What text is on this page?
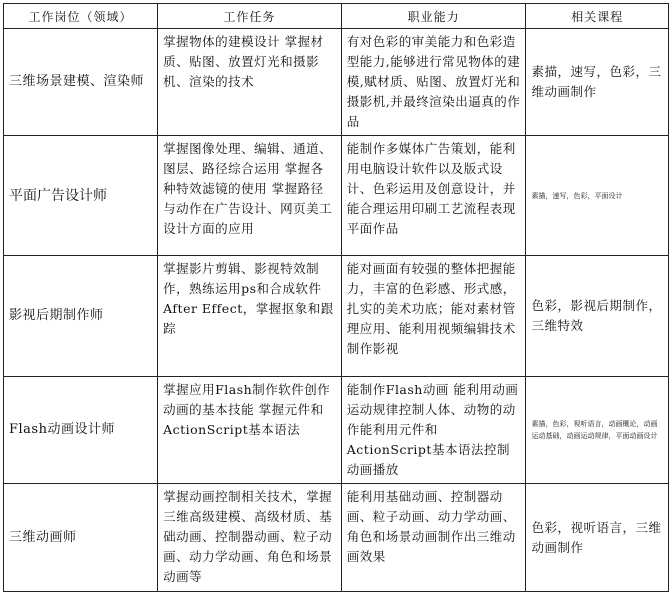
工作岗位（领域）	工作任务	职业能力	相关课程
三维场景建模、渲染师	掌握物体的建模设计 掌握材质、贴图、放置灯光和摄影机、渲染的技术	有对色彩的审美能力和色彩造型能力,能够进行常见物体的建模,赋材质、贴图、放置灯光和摄影机,并最终渲染出逼真的作品	素描，速写，色彩，三维动画制作
平面广告设计师	掌握图像处理、编辑、通道、图层、路径综合运用 掌握各种特效滤镜的使用 掌握路径与动作在广告设计、网页美工设计方面的应用	能制作多媒体广告策划，能利用电脑设计软件以及版式设计、色彩运用及创意设计，并能合理运用印刷工艺流程表现平面作品	素描，速写，色彩，平面设计
影视后期制作师	掌握影片剪辑、影视特效制作，熟练运用ps和合成软件After Effect，掌握抠象和跟踪	能对画面有较强的整体把握能力，丰富的色彩感、形式感，扎实的美术功底；能对素材管理应用、能利用视频编辑技术制作影视	色彩，影视后期制作，三维特效
Flash动画设计师	掌握应用Flash制作软件创作动画的基本技能 掌握元件和ActionScript基本语法	能制作Flash动画 能利用动画运动规律控制人体、动物的动作能利用元件和ActionScript基本语法控制动画播放	素描，色彩，视听语言，动画概论，动画运动基础，动画运动规律，平面动画设计
三维动画师	掌握动画控制相关技术，掌握三维高级建模、高级材质、基础动画、控制器动画、粒子动画、动力学动画、角色和场景动画等	能利用基础动画、控制器动画、粒子动画、动力学动画、角色和场景动画制作出三维动画效果	色彩，视听语言，三维动画制作
